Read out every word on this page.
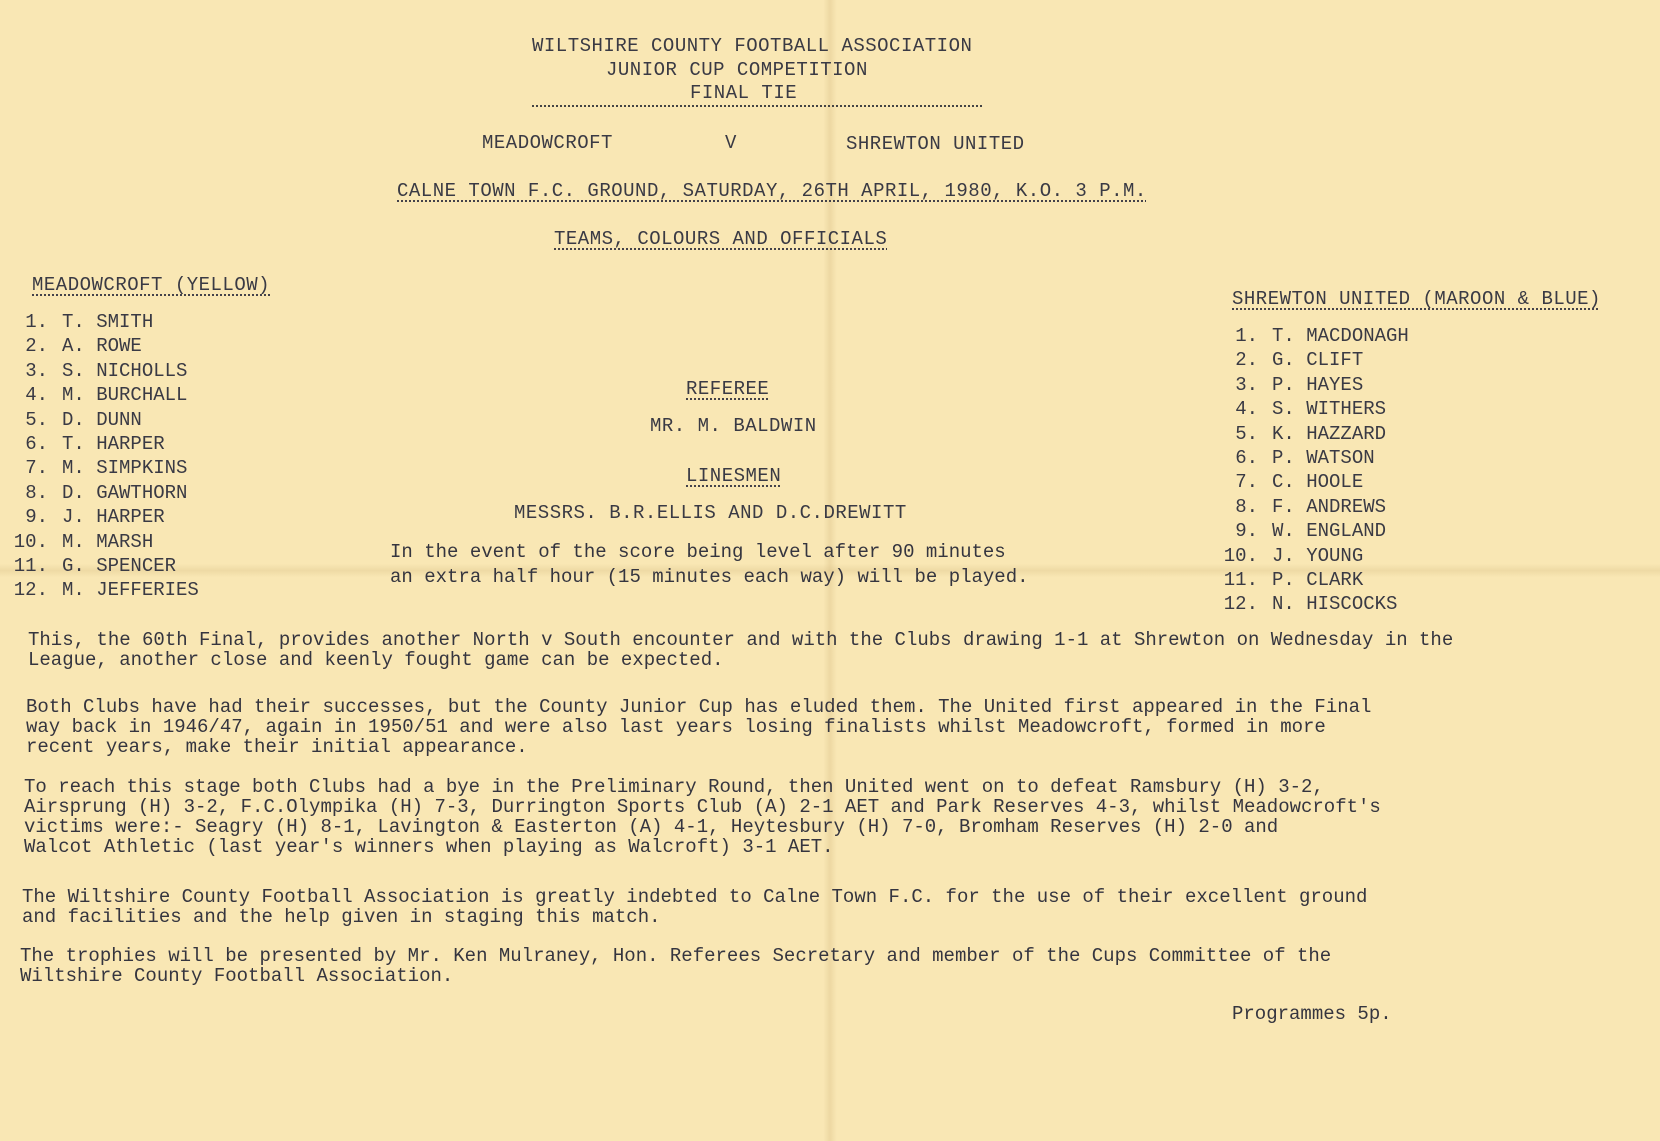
WILTSHIRE COUNTY FOOTBALL ASSOCIATION
JUNIOR CUP COMPETITION
FINAL TIE
MEADOWCROFT	V	SHREWTON UNITED
CALNE TOWN F.C. GROUND, SATURDAY, 26TH APRIL, 1980, K.O. 3 P.M.
TEAMS, COLOURS AND OFFICIALS
MEADOWCROFT (YELLOW)
1. T. SMITH
2. A. ROWE
3. S. NICHOLLS
4. M. BURCHALL
5. D. DUNN
6. T. HARPER
7. M. SIMPKINS
8. D. GAWTHORN
9. J. HARPER
10. M. MARSH
11. G. SPENCER
12. M. JEFFERIES
REFEREE
MR. M. BALDWIN
LINESMEN
MESSRS. B.R.ELLIS AND D.C.DREWITT
In the event of the score being level after 90 minutes
an extra half hour (15 minutes each way) will be played.
SHREWTON UNITED (MAROON & BLUE)
1. T. MACDONAGH
2. G. CLIFT
3. P. HAYES
4. S. WITHERS
5. K. HAZZARD
6. P. WATSON
7. C. HOOLE
8. F. ANDREWS
9. W. ENGLAND
10. J. YOUNG
11. P. CLARK
12. N. HISCOCKS
This, the 60th Final, provides another North v South encounter and with the Clubs drawing 1-1 at Shrewton on Wednesday in the
League, another close and keenly fought game can be expected.
Both Clubs have had their successes, but the County Junior Cup has eluded them. The United first appeared in the Final
way back in 1946/47, again in 1950/51 and were also last years losing finalists whilst Meadowcroft, formed in more
recent years, make their initial appearance.
To reach this stage both Clubs had a bye in the Preliminary Round, then United went on to defeat Ramsbury (H) 3-2,
Airsprung (H) 3-2, F.C.Olympika (H) 7-3, Durrington Sports Club (A) 2-1 AET and Park Reserves 4-3, whilst Meadowcroft's
victims were:- Seagry (H) 8-1, Lavington & Easterton (A) 4-1, Heytesbury (H) 7-0, Bromham Reserves (H) 2-0 and
Walcot Athletic (last year's winners when playing as Walcroft) 3-1 AET.
The Wiltshire County Football Association is greatly indebted to Calne Town F.C. for the use of their excellent ground
and facilities and the help given in staging this match.
The trophies will be presented by Mr. Ken Mulraney, Hon. Referees Secretary and member of the Cups Committee of the
Wiltshire County Football Association.
Programmes 5p.
